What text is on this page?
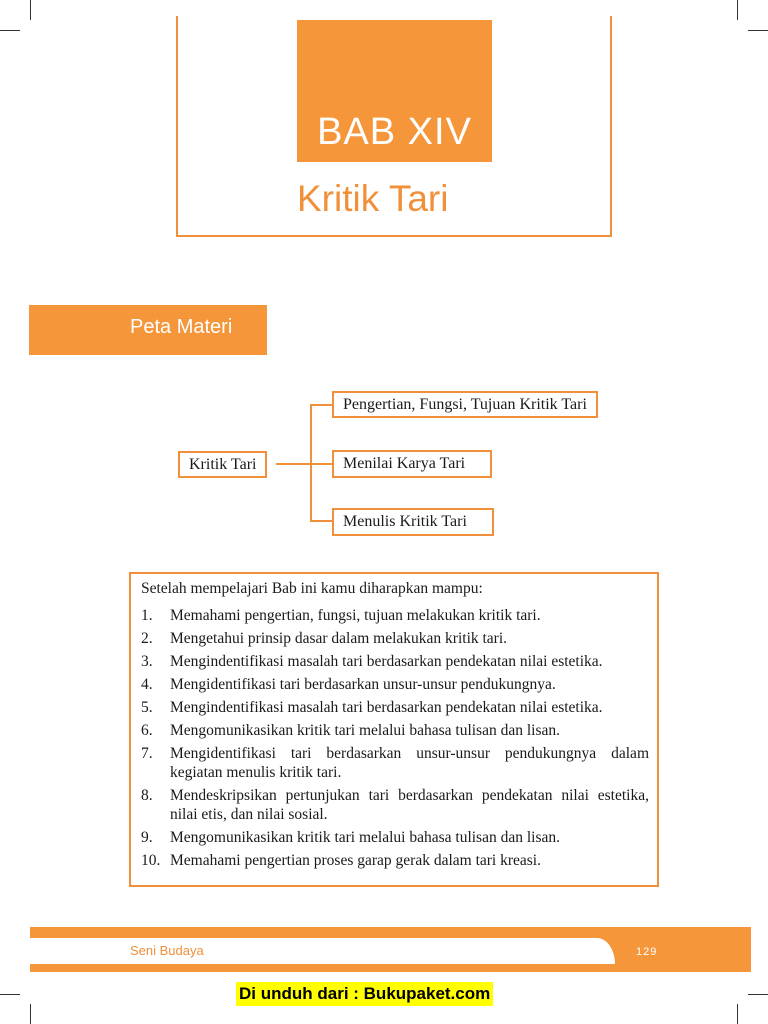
BAB XIV
Kritik Tari
Peta Materi
Kritik Tari
Pengertian, Fungsi, Tujuan Kritik Tari
Menilai Karya Tari
Menulis Kritik Tari

Setelah mempelajari Bab ini kamu diharapkan mampu:

1. Memahami pengertian, fungsi, tujuan melakukan kritik tari.
2. Mengetahui prinsip dasar dalam melakukan kritik tari.
3. Mengindentifikasi masalah tari berdasarkan pendekatan nilai estetika.
4. Mengidentifikasi tari berdasarkan unsur-unsur pendukungnya.
5. Mengindentifikasi masalah tari berdasarkan pendekatan nilai estetika.
6. Mengomunikasikan kritik tari melalui bahasa tulisan dan lisan.
7. Mengidentifikasi tari berdasarkan unsur-unsur pendukungnya dalam kegiatan menulis kritik tari.
8. Mendeskripsikan pertunjukan tari berdasarkan pendekatan nilai estetika, nilai etis, dan nilai sosial.
9. Mengomunikasikan kritik tari melalui bahasa tulisan dan lisan.
10. Memahami pengertian proses garap gerak dalam tari kreasi.
Seni Budaya	129
Di unduh dari : Bukupaket.com
